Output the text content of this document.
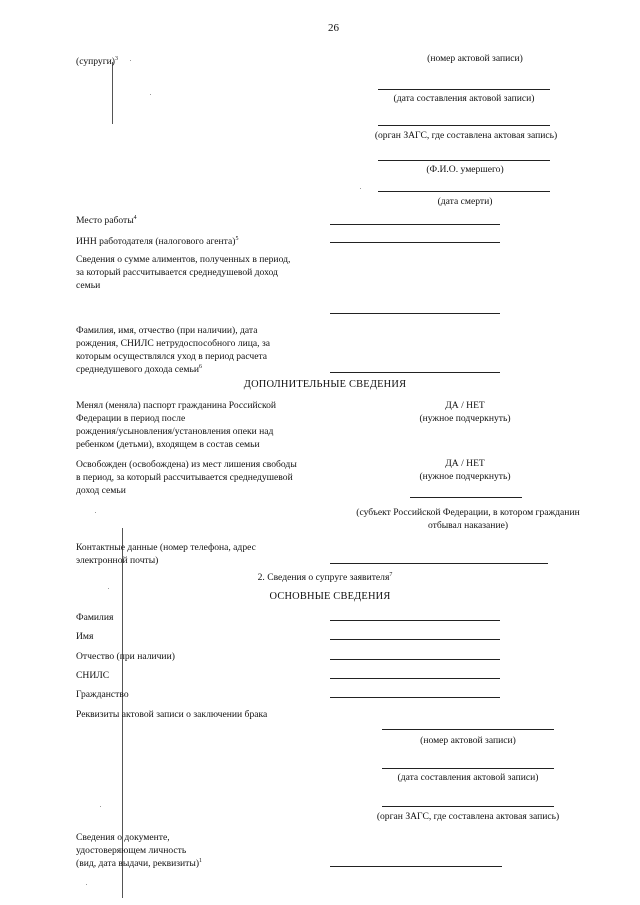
26
(супруги)$^3$	(номер актовой записи)
(дата составления актовой записи)
(орган ЗАГС, где составлена актовая запись)
(Ф.И.О. умершего)
(дата смерти)
Место работы$^4$
ИНН работодателя (налогового агента)$^5$
Сведения о сумме алиментов, полученных в период,
за который рассчитывается среднедушевой доход
семьи
Фамилия, имя, отчество (при наличии), дата
рождения, СНИЛС нетрудоспособного лица, за
которым осуществлялся уход в период расчета
среднедушевого дохода семьи$^6$
ДОПОЛНИТЕЛЬНЫЕ СВЕДЕНИЯ
Менял (меняла) паспорт гражданина Российской
Федерации в период после
рождения/усыновления/установления опеки над
ребенком (детьми), входящем в состав семьи
ДА / НЕТ
(нужное подчеркнуть)
Освобожден (освобождена) из мест лишения свободы
в период, за который рассчитывается среднедушевой
доход семьи
ДА / НЕТ
(нужное подчеркнуть)
(субъект Российской Федерации, в котором гражданин
отбывал наказание)
Контактные данные (номер телефона, адрес
электронной почты)
2. Сведения о супруге заявителя$^7$
ОСНОВНЫЕ СВЕДЕНИЯ
Фамилия
Имя
Отчество (при наличии)
СНИЛС
Гражданство
Реквизиты актовой записи о заключении брака
(номер актовой записи)
(дата составления актовой записи)
(орган ЗАГС, где составлена актовая запись)
Сведения о документе,
удостоверяющем личность
(вид, дата выдачи, реквизиты)$^1$
